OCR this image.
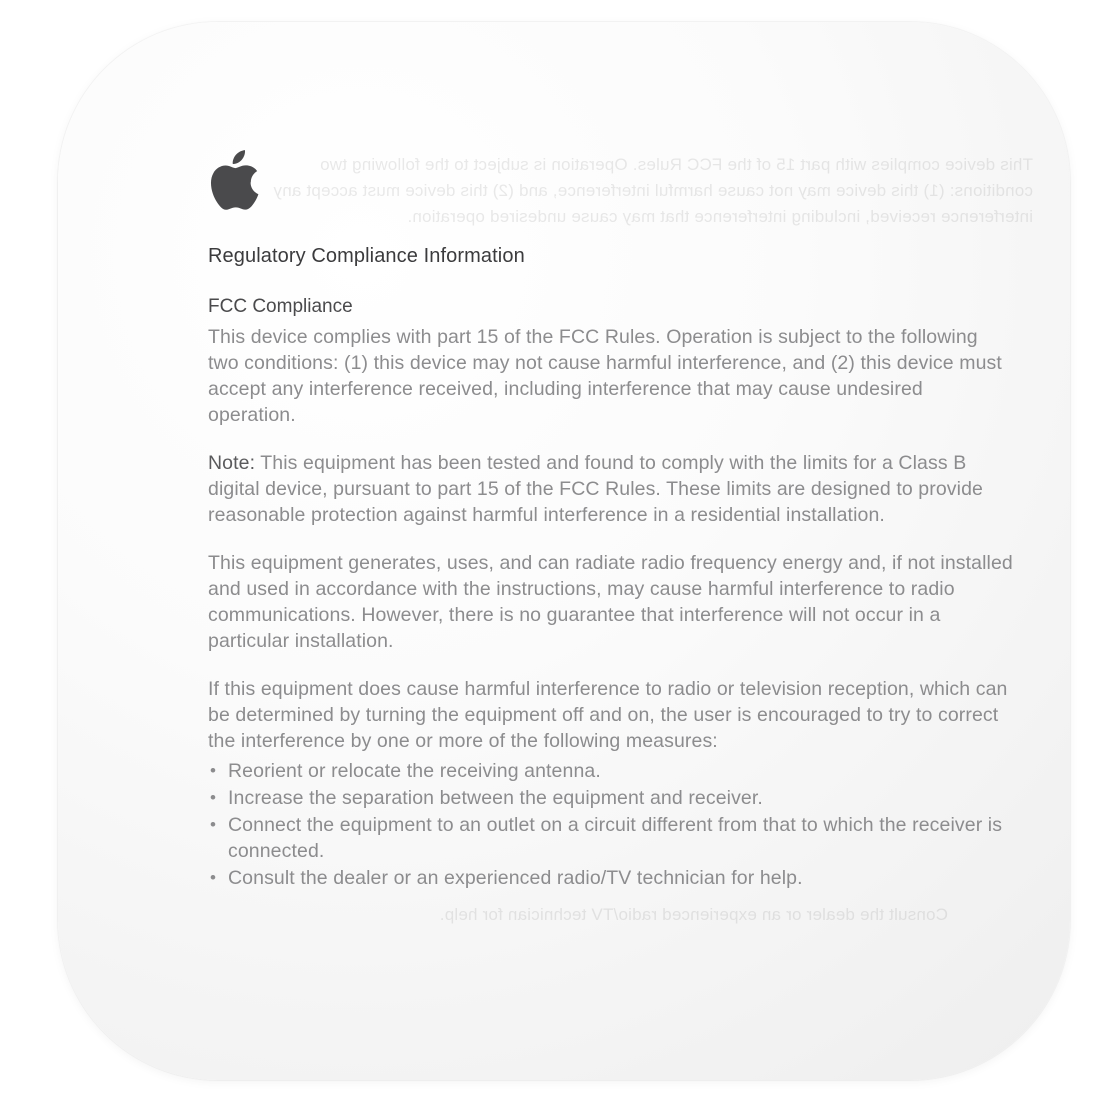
This device complies with part 15 of the FCC Rules. Operation is subject to the following two conditions: (1) this device may not cause harmful interference, and (2) this device must accept any interference received, including interference that may cause undesired operation.
Consult the dealer or an experienced radio/TV technician for help.
Regulatory Compliance Information
FCC Compliance

This device complies with part 15 of the FCC Rules. Operation is subject to the following two conditions: (1) this device may not cause harmful interference, and (2) this device must accept any interference received, including interference that may cause undesired operation.

Note: This equipment has been tested and found to comply with the limits for a Class B digital device, pursuant to part 15 of the FCC Rules. These limits are designed to provide reasonable protection against harmful interference in a residential installation.

This equipment generates, uses, and can radiate radio frequency energy and, if not installed and used in accordance with the instructions, may cause harmful interference to radio communications. However, there is no guarantee that interference will not occur in a particular installation.

If this equipment does cause harmful interference to radio or television reception, which can be determined by turning the equipment off and on, the user is encouraged to try to correct the interference by one or more of the following measures:

• Reorient or relocate the receiving antenna.
• Increase the separation between the equipment and receiver.
• Connect the equipment to an outlet on a circuit different from that to which the receiver is connected.
• Consult the dealer or an experienced radio/TV technician for help.
